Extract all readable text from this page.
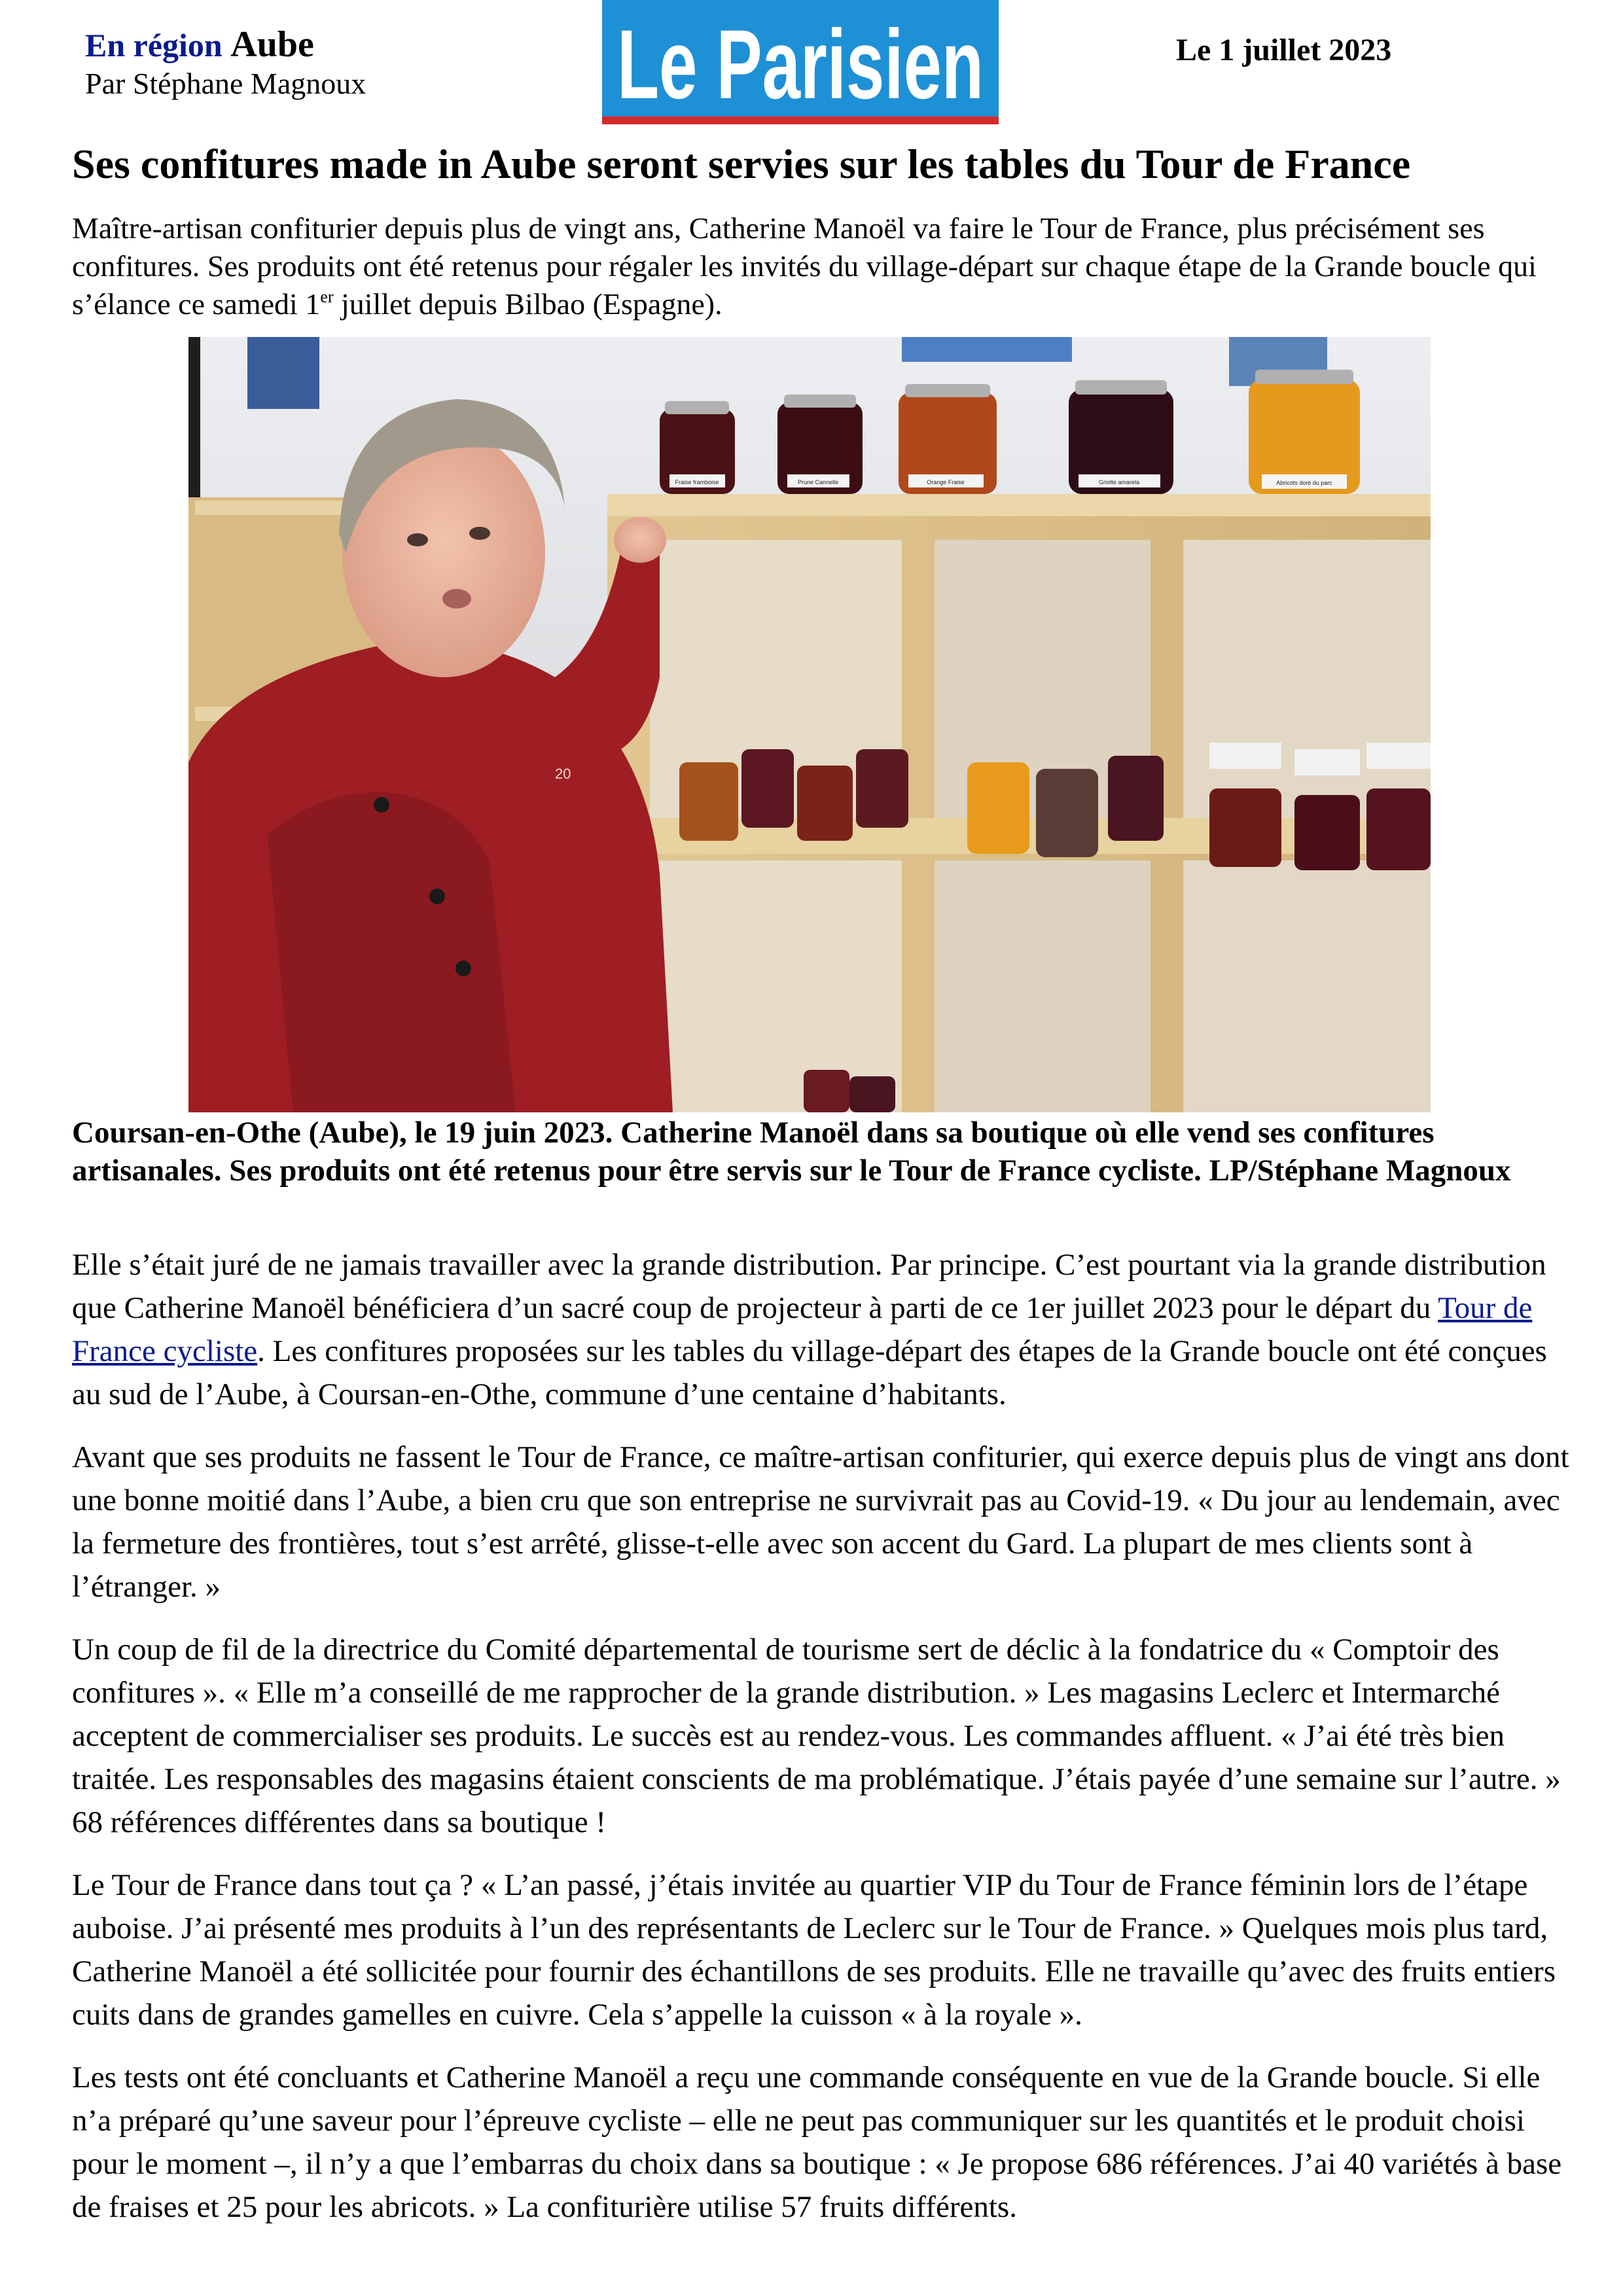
En région Aube
Par Stéphane Magnoux	Le Parisien	Le 1 juillet 2023
Ses confitures made in Aube seront servies sur les tables du Tour de France

Maître-artisan confiturier depuis plus de vingt ans, Catherine Manoël va faire le Tour de France, plus précisément ses confitures. Ses produits ont été retenus pour régaler les invités du village-départ sur chaque étape de la Grande boucle qui s’élance ce samedi 1er juillet depuis Bilbao (Espagne).

Fraise framboise	Prune Cannelle	Orange Fraise	Griotte amarela	Abricots doré du parc
20

Coursan-en-Othe (Aube), le 19 juin 2023. Catherine Manoël dans sa boutique où elle vend ses confitures artisanales. Ses produits ont été retenus pour être servis sur le Tour de France cycliste. LP/Stéphane Magnoux

Elle s’était juré de ne jamais travailler avec la grande distribution. Par principe. C’est pourtant via la grande distribution que Catherine Manoël bénéficiera d’un sacré coup de projecteur à parti de ce 1er juillet 2023 pour le départ du Tour de France cycliste. Les confitures proposées sur les tables du village-départ des étapes de la Grande boucle ont été conçues au sud de l’Aube, à Coursan-en-Othe, commune d’une centaine d’habitants.

Avant que ses produits ne fassent le Tour de France, ce maître-artisan confiturier, qui exerce depuis plus de vingt ans dont une bonne moitié dans l’Aube, a bien cru que son entreprise ne survivrait pas au Covid-19. « Du jour au lendemain, avec la fermeture des frontières, tout s’est arrêté, glisse-t-elle avec son accent du Gard. La plupart de mes clients sont à l’étranger. »

Un coup de fil de la directrice du Comité départemental de tourisme sert de déclic à la fondatrice du « Comptoir des confitures ». « Elle m’a conseillé de me rapprocher de la grande distribution. » Les magasins Leclerc et Intermarché acceptent de commercialiser ses produits. Le succès est au rendez-vous. Les commandes affluent. « J’ai été très bien traitée. Les responsables des magasins étaient conscients de ma problématique. J’étais payée d’une semaine sur l’autre. » 68 références différentes dans sa boutique !

Le Tour de France dans tout ça ? « L’an passé, j’étais invitée au quartier VIP du Tour de France féminin lors de l’étape auboise. J’ai présenté mes produits à l’un des représentants de Leclerc sur le Tour de France. » Quelques mois plus tard, Catherine Manoël a été sollicitée pour fournir des échantillons de ses produits. Elle ne travaille qu’avec des fruits entiers cuits dans de grandes gamelles en cuivre. Cela s’appelle la cuisson « à la royale ».

Les tests ont été concluants et Catherine Manoël a reçu une commande conséquente en vue de la Grande boucle. Si elle n’a préparé qu’une saveur pour l’épreuve cycliste – elle ne peut pas communiquer sur les quantités et le produit choisi pour le moment –, il n’y a que l’embarras du choix dans sa boutique : « Je propose 686 références. J’ai 40 variétés à base de fraises et 25 pour les abricots. » La confiturière utilise 57 fruits différents.
